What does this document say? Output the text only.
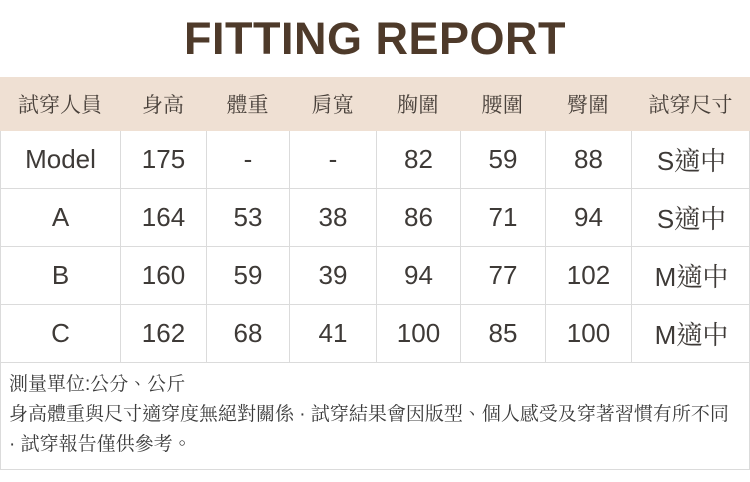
FITTING REPORT
試穿人員	身高	體重	肩寬	胸圍	腰圍	臀圍	試穿尺寸
Model	175	-	-	82	59	88	S適中
A	164	53	38	86	71	94	S適中
B	160	59	39	94	77	102	M適中
C	162	68	41	100	85	100	M適中

測量單位:公分、公斤

身高體重與尺寸適穿度無絕對關係 · 試穿結果會因版型、個人感受及穿著習慣有所不同 · 試穿報告僅供參考。
